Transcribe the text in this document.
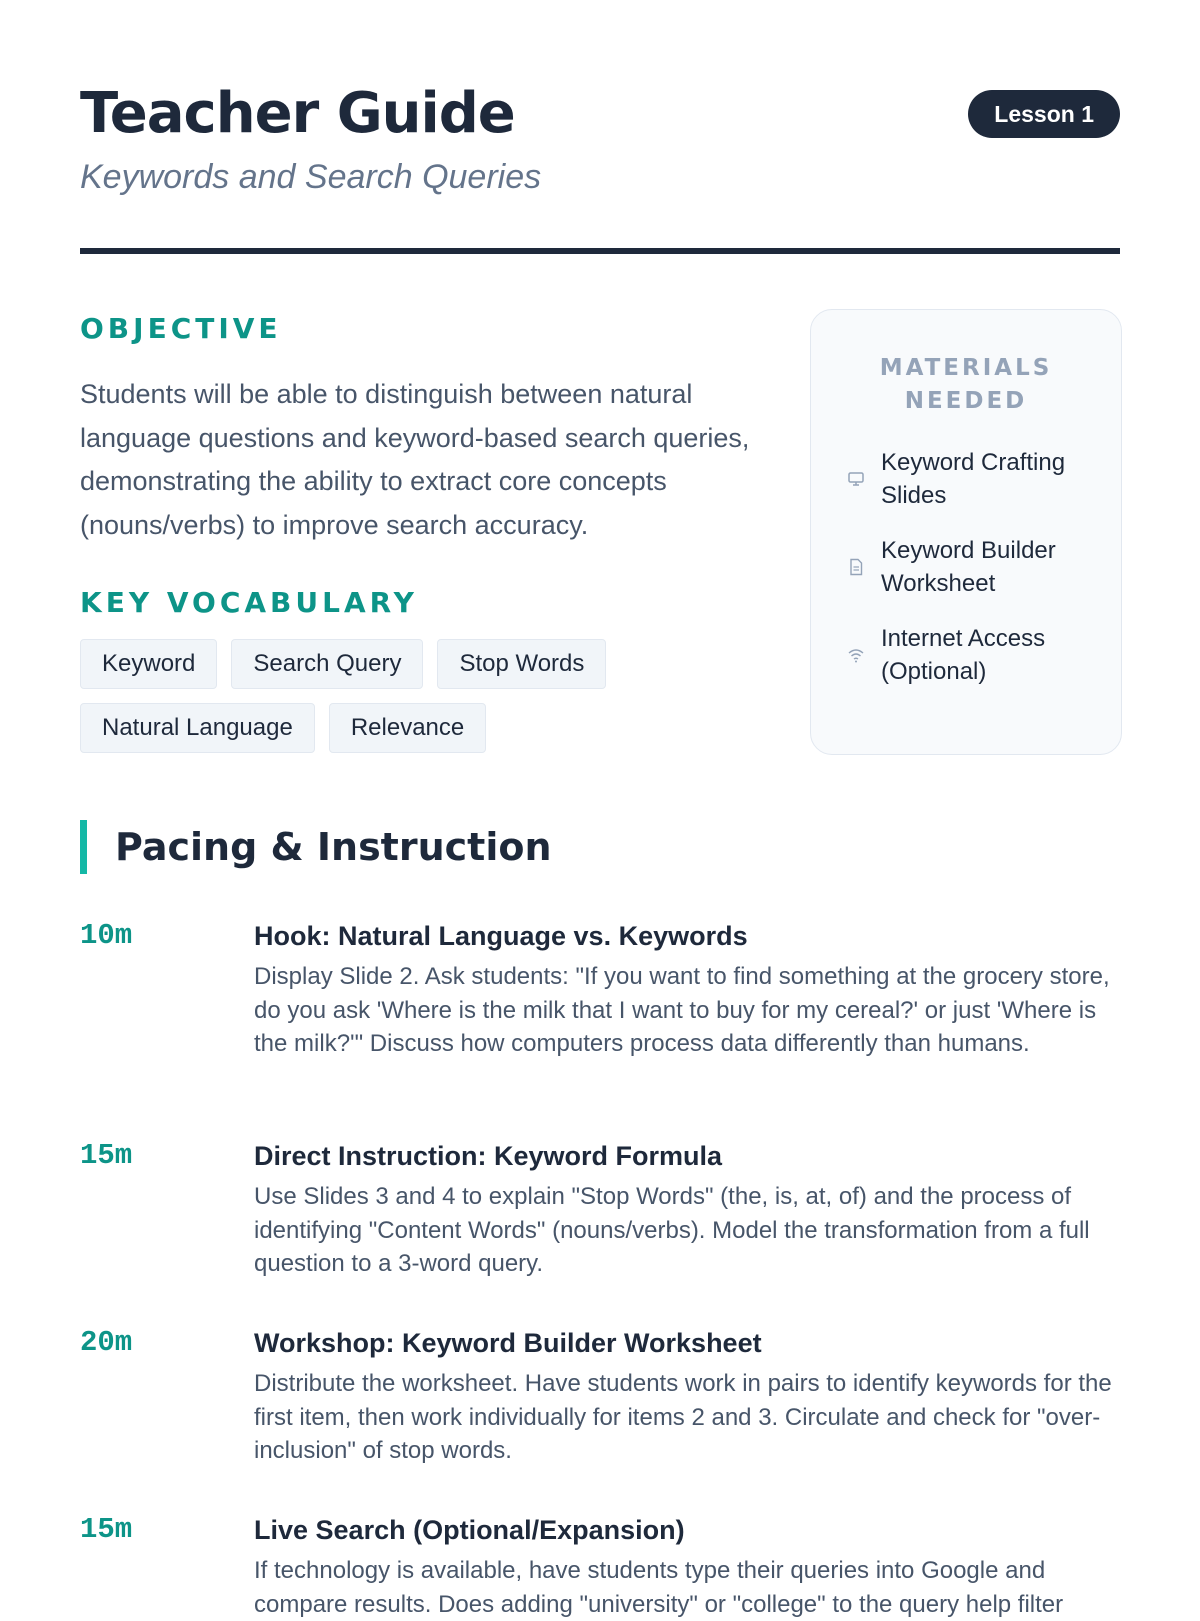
Teacher Guide
Keywords and Search Queries
Lesson 1
OBJECTIVE
Students will be able to distinguish between natural language questions and keyword-based search queries, demonstrating the ability to extract core concepts (nouns/verbs) to improve search accuracy.
KEY VOCABULARY
Keyword	Search Query	Stop Words
Natural Language	Relevance
MATERIALS NEEDED
Keyword Crafting Slides
Keyword Builder Worksheet
Internet Access (Optional)
Pacing & Instruction
10m	Hook: Natural Language vs. Keywords
Display Slide 2. Ask students: "If you want to find something at the grocery store, do you ask 'Where is the milk that I want to buy for my cereal?' or just 'Where is the milk?'" Discuss how computers process data differently than humans.
15m	Direct Instruction: Keyword Formula
Use Slides 3 and 4 to explain "Stop Words" (the, is, at, of) and the process of identifying "Content Words" (nouns/verbs). Model the transformation from a full question to a 3-word query.
20m	Workshop: Keyword Builder Worksheet
Distribute the worksheet. Have students work in pairs to identify keywords for the first item, then work individually for items 2 and 3. Circulate and check for "over-inclusion" of stop words.
15m	Live Search (Optional/Expansion)
If technology is available, have students type their queries into Google and compare results. Does adding "university" or "college" to the query help filter
